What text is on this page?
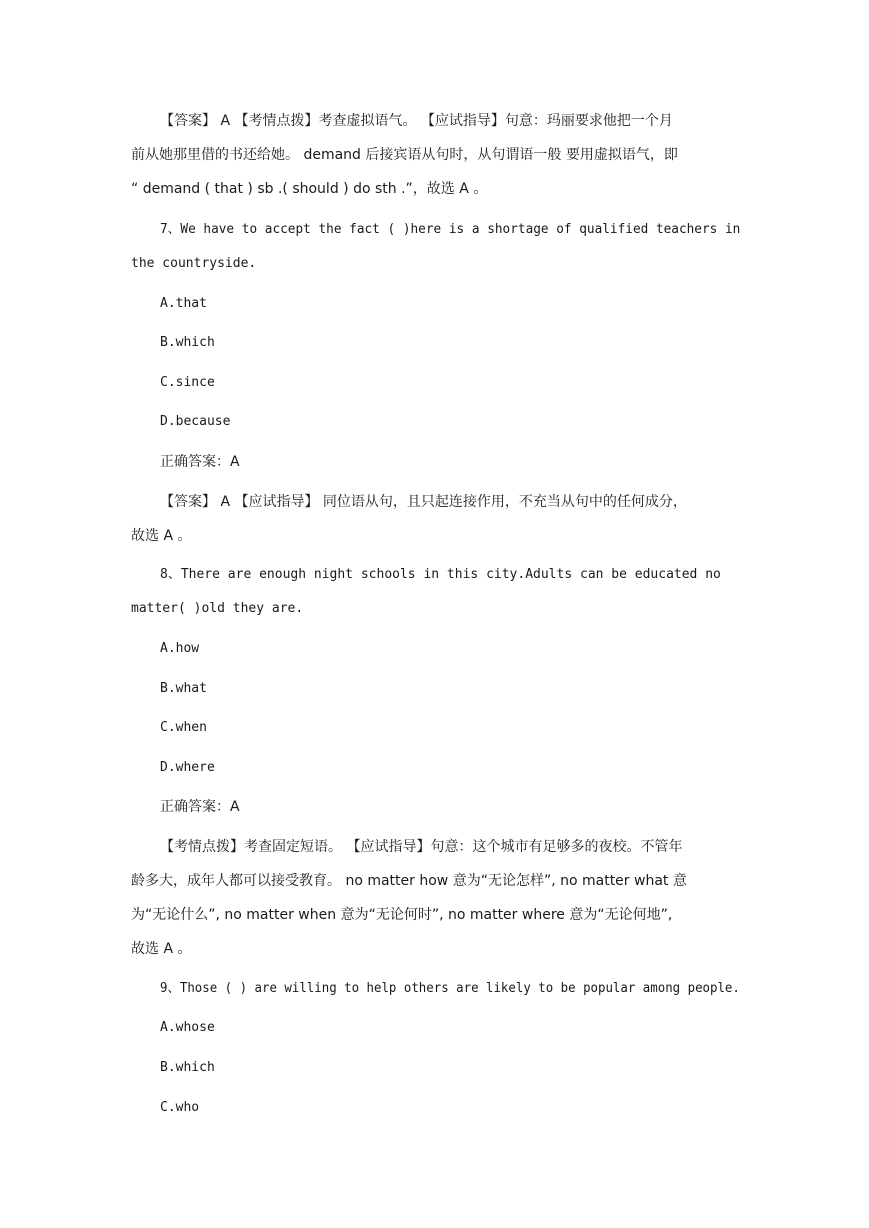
【答案】 A 【考情点拨】考查虚拟语气。 【应试指导】句意：玛丽要求他把一个月
前从她那里借的书还给她。 demand 后接宾语从句时，从句谓语一般 要用虚拟语气，即
“ demand ( that ) sb .( should ) do sth .”，故选 A 。
7、We have to accept the fact ( )here is a shortage of qualified teachers in
the countryside.
A.that
B.which
C.since
D.because
正确答案：A
【答案】 A 【应试指导】 同位语从句，且只起连接作用，不充当从句中的任何成分，
故选 A 。
8、There are enough night schools in this city.Adults can be educated no
matter( )old they are.
A.how
B.what
C.when
D.where
正确答案：A
【考情点拨】考查固定短语。 【应试指导】句意：这个城市有足够多的夜校。不管年
龄多大，成年人都可以接受教育。 no matter how 意为“无论怎样”, no matter what 意
为“无论什么”, no matter when 意为“无论何时”, no matter where 意为“无论何地”,
故选 A 。
9、Those ( ) are willing to help others are likely to be popular among people.
A.whose
B.which
C.who
